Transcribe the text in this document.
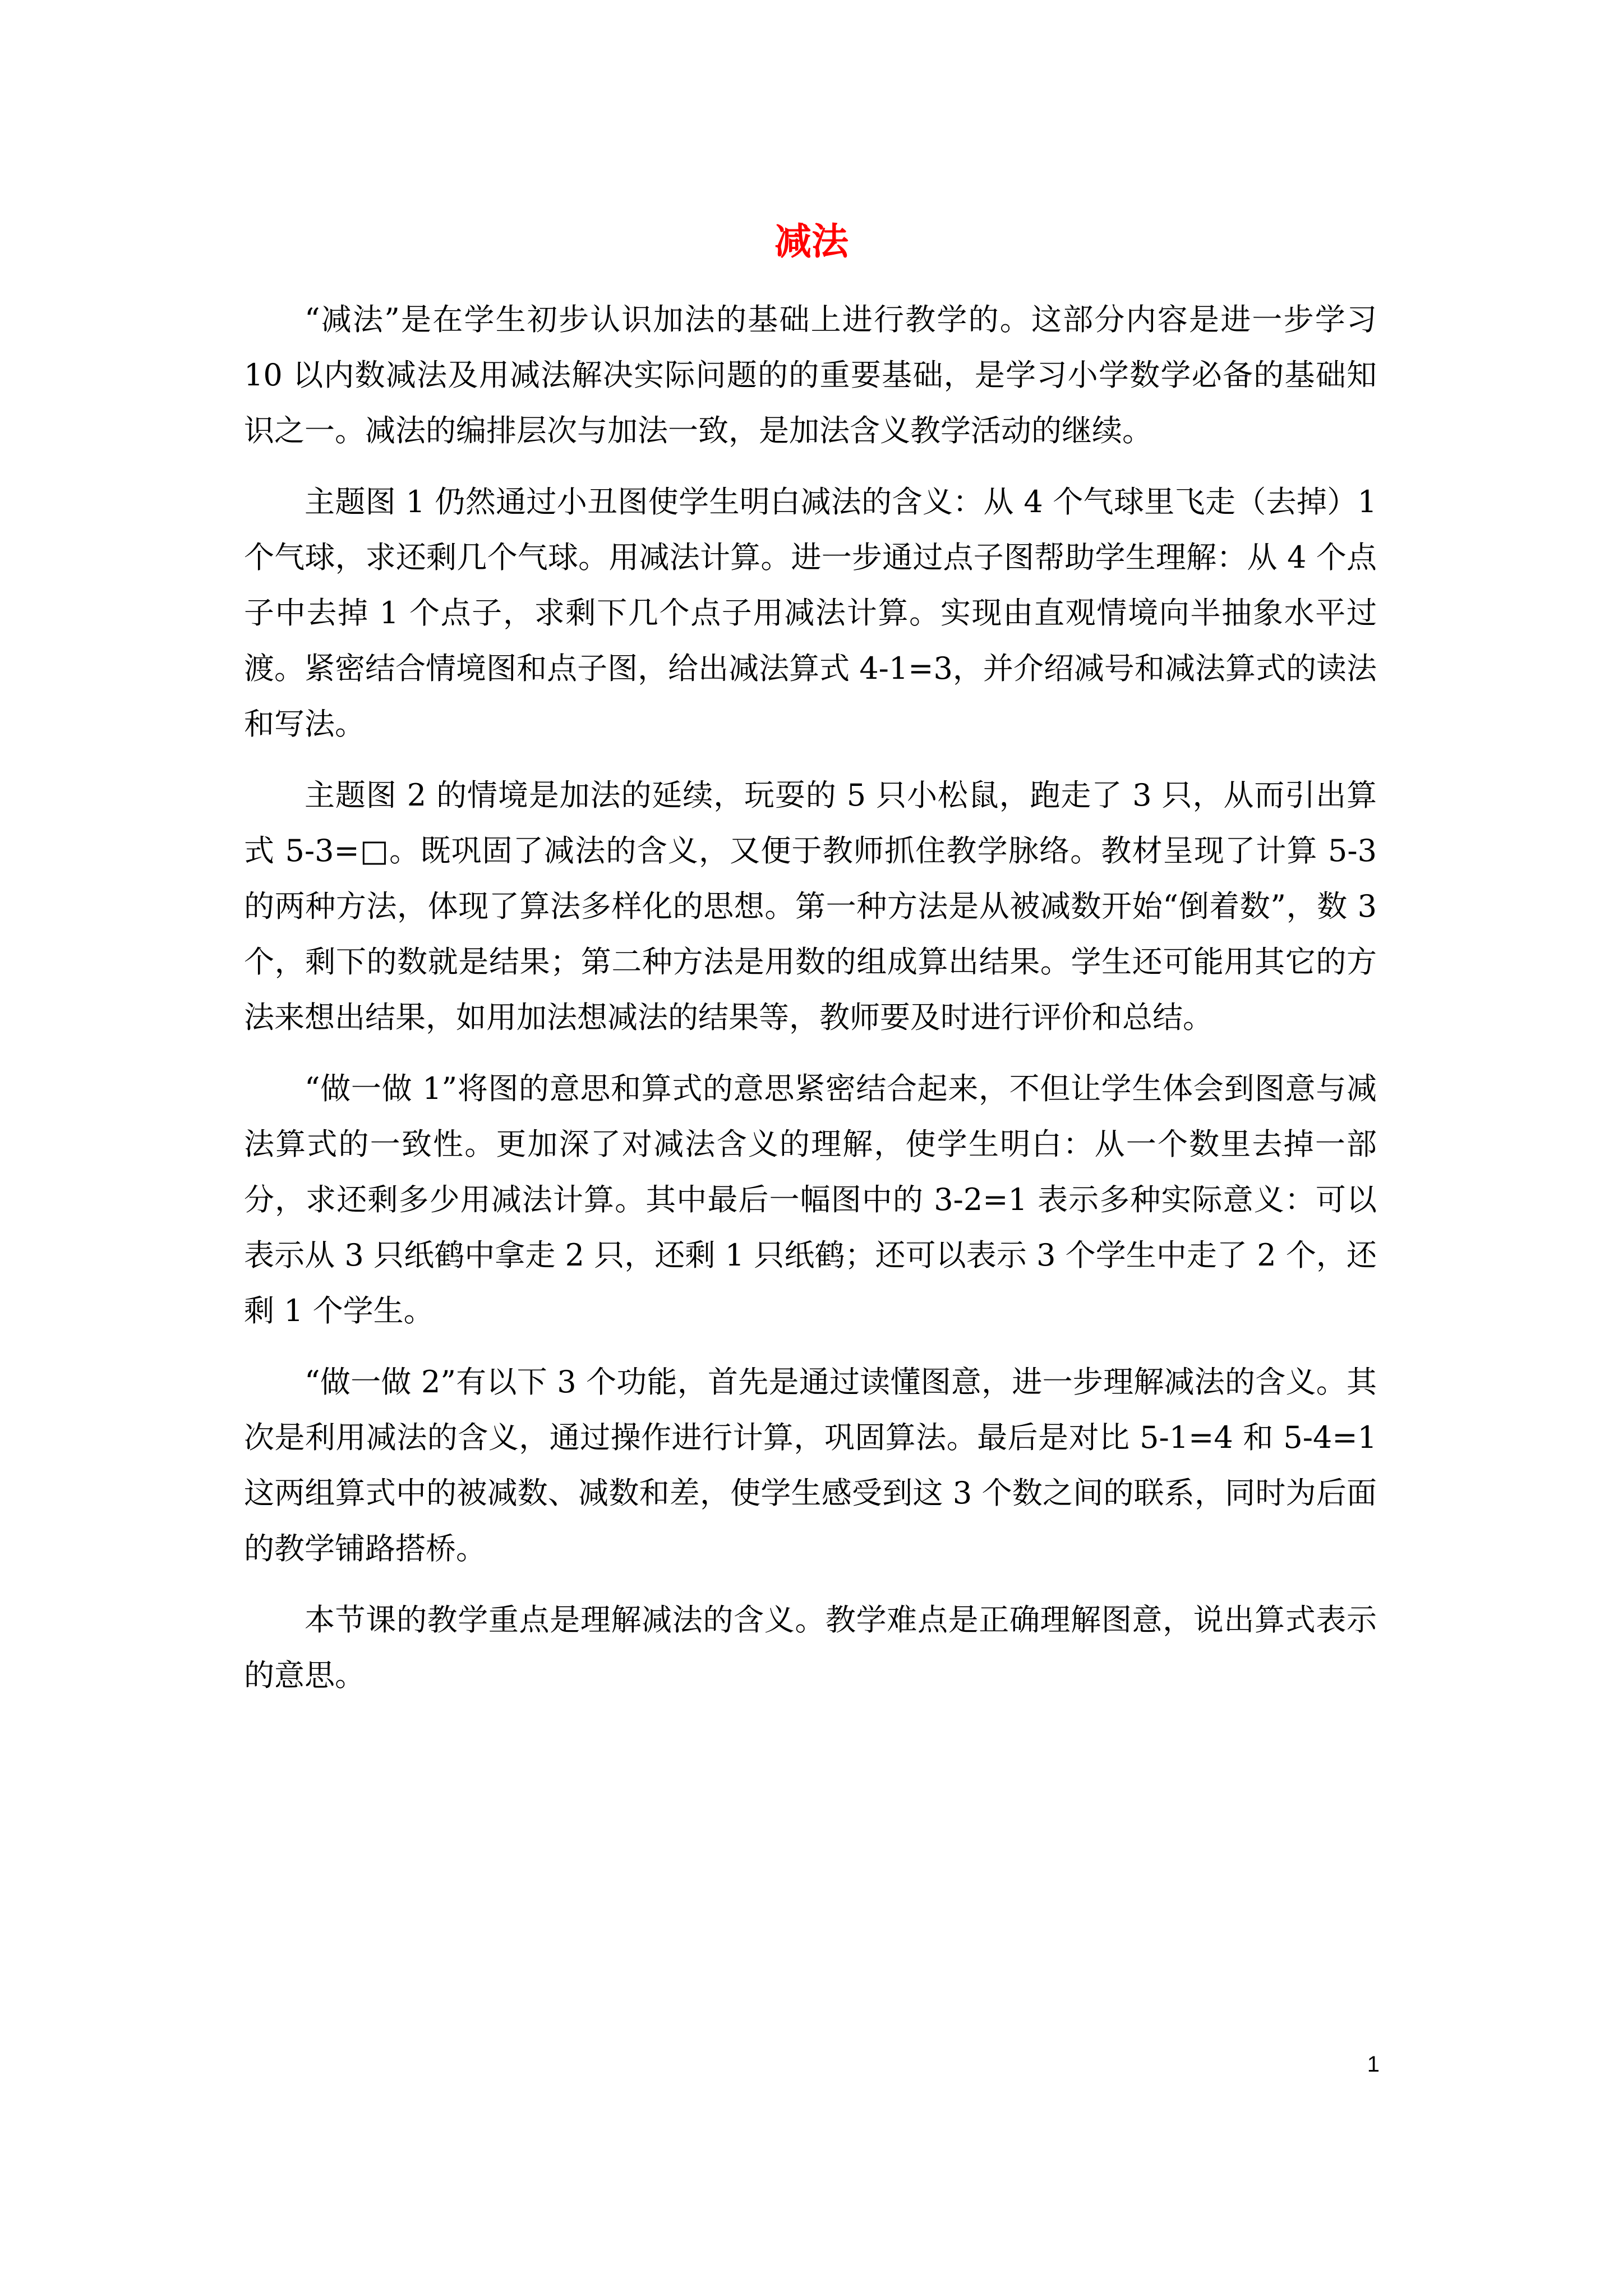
减法

“减法”是在学生初步认识加法的基础上进行教学的。这部分内容是进一步学习 10 以内数减法及用减法解决实际问题的的重要基础，是学习小学数学必备的基础知识之一。减法的编排层次与加法一致，是加法含义教学活动的继续。

主题图 1 仍然通过小丑图使学生明白减法的含义：从 4 个气球里飞走（去掉）1 个气球，求还剩几个气球。用减法计算。进一步通过点子图帮助学生理解：从 4 个点子中去掉 1 个点子，求剩下几个点子用减法计算。实现由直观情境向半抽象水平过渡。紧密结合情境图和点子图，给出减法算式 4-1=3，并介绍减号和减法算式的读法和写法。

主题图 2 的情境是加法的延续，玩耍的 5 只小松鼠，跑走了 3 只，从而引出算式 5-3=□。既巩固了减法的含义，又便于教师抓住教学脉络。教材呈现了计算 5-3 的两种方法，体现了算法多样化的思想。第一种方法是从被减数开始“倒着数”，数 3 个，剩下的数就是结果；第二种方法是用数的组成算出结果。学生还可能用其它的方法来想出结果，如用加法想减法的结果等，教师要及时进行评价和总结。

“做一做 1”将图的意思和算式的意思紧密结合起来，不但让学生体会到图意与减法算式的一致性。更加深了对减法含义的理解，使学生明白：从一个数里去掉一部分，求还剩多少用减法计算。其中最后一幅图中的 3-2=1 表示多种实际意义：可以表示从 3 只纸鹤中拿走 2 只，还剩 1 只纸鹤；还可以表示 3 个学生中走了 2 个，还剩 1 个学生。

“做一做 2”有以下 3 个功能，首先是通过读懂图意，进一步理解减法的含义。其次是利用减法的含义，通过操作进行计算，巩固算法。最后是对比 5-1=4 和 5-4=1 这两组算式中的被减数、减数和差，使学生感受到这 3 个数之间的联系，同时为后面的教学铺路搭桥。

本节课的教学重点是理解减法的含义。教学难点是正确理解图意，说出算式表示的意思。

1
